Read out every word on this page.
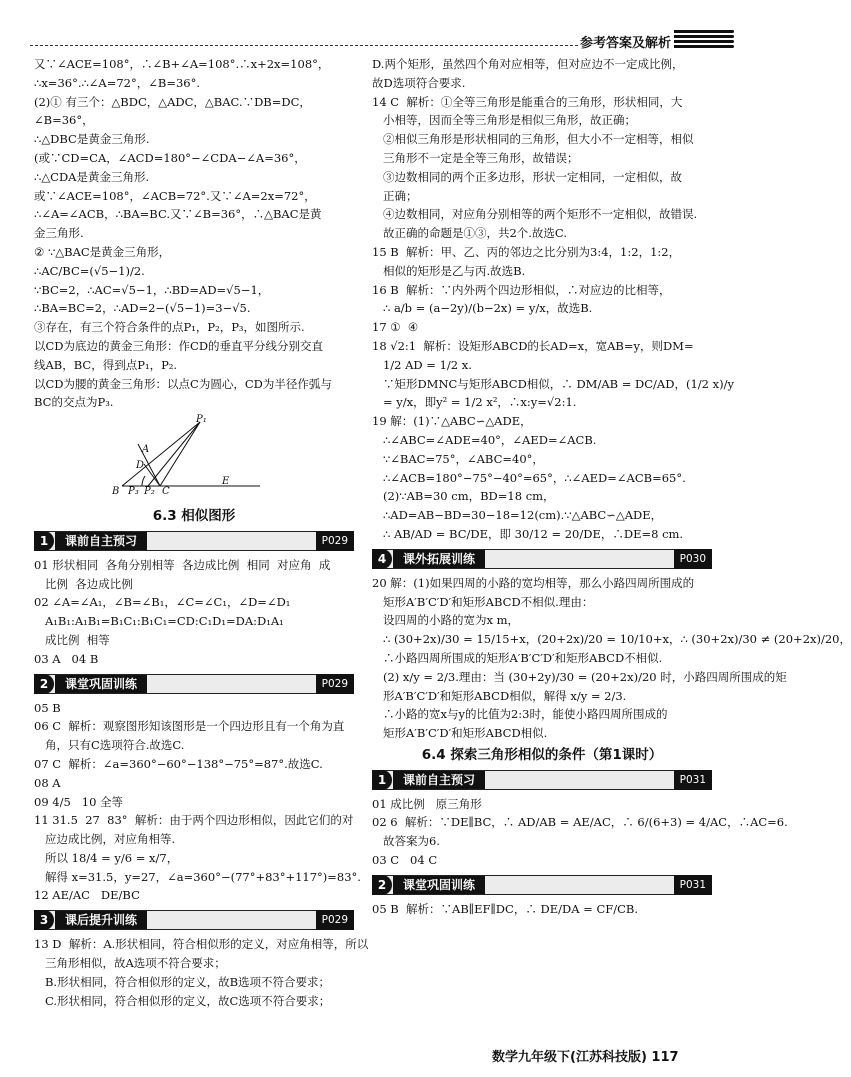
参考答案及解析

又∵∠ACE=108°，∴∠B+∠A=108°.∴x+2x=108°，

∴x=36°.∴∠A=72°，∠B=36°.

(2)① 有三个：△BDC，△ADC，△BAC.∵DB=DC，

∠B=36°，

∴△DBC是黄金三角形.

(或∵CD=CA，∠ACD=180°−∠CDA−∠A=36°，

∴△CDA是黄金三角形.

或∵∠ACE=108°，∠ACB=72°.又∵∠A=2x=72°，

∴∠A=∠ACB，∴BA=BC.又∵∠B=36°，∴△BAC是黄

金三角形.

② ∵△BAC是黄金三角形，

∴AC/BC=(√5−1)/2.

∵BC=2，∴AC=√5−1，∴BD=AD=√5−1，

∴BA=BC=2，∴AD=2−(√5−1)=3−√5.

③存在，有三个符合条件的点P₁，P₂，P₃，如图所示.

以CD为底边的黄金三角形：作CD的垂直平分线分别交直

线AB，BC，得到点P₁，P₂.

以CD为腰的黄金三角形：以点C为圆心，CD为半径作弧与

BC的交点为P₃.

P₁
A
D
B P₃ P₂ C
E
6.3 相似图形
1	课前自主预习	P029

01 形状相同  各角分别相等  各边成比例  相同  对应角  成

比例  各边成比例

02 ∠A=∠A₁，∠B=∠B₁，∠C=∠C₁，∠D=∠D₁

A₁B₁:A₁B₁=B₁C₁:B₁C₁=CD:C₁D₁=DA:D₁A₁

成比例  相等

03 A   04 B

2	课堂巩固训练	P029

05 B

06 C  解析：观察图形知该图形是一个四边形且有一个角为直

角，只有C选项符合.故选C.

07 C  解析：∠a=360°−60°−138°−75°=87°.故选C.

08 A

09 4/5   10 全等

11 31.5  27  83°  解析：由于两个四边形相似，因此它们的对

应边成比例，对应角相等.

所以 18/4 = y/6 = x/7，

解得 x=31.5，y=27，∠a=360°−(77°+83°+117°)=83°.

12 AE/AC   DE/BC

3	课后提升训练	P029

13 D  解析：A.形状相同，符合相似形的定义，对应角相等，所以

三角形相似，故A选项不符合要求；

B.形状相同，符合相似形的定义，故B选项不符合要求；

C.形状相同，符合相似形的定义，故C选项不符合要求；

D.两个矩形，虽然四个角对应相等，但对应边不一定成比例，

故D选项符合要求.

14 C  解析：①全等三角形是能重合的三角形，形状相同，大

小相等，因而全等三角形是相似三角形，故正确；

②相似三角形是形状相同的三角形，但大小不一定相等，相似

三角形不一定是全等三角形，故错误；

③边数相同的两个正多边形，形状一定相同，一定相似，故

正确；

④边数相同，对应角分别相等的两个矩形不一定相似，故错误.

故正确的命题是①③，共2个.故选C.

15 B  解析：甲、乙、丙的邻边之比分别为3:4，1:2，1:2，

相似的矩形是乙与丙.故选B.

16 B  解析：∵内外两个四边形相似，∴对应边的比相等，

∴ a/b = (a−2y)/(b−2x) = y/x，故选B.

17 ①  ④

18 √2:1  解析：设矩形ABCD的长AD=x，宽AB=y，则DM=

1/2 AD = 1/2 x.

∵矩形DMNC与矩形ABCD相似，∴ DM/AB = DC/AD，(1/2 x)/y

= y/x，即y² = 1/2 x²，∴x:y=√2:1.

19 解：(1)∵△ABC∽△ADE，

∴∠ABC=∠ADE=40°，∠AED=∠ACB.

∵∠BAC=75°，∠ABC=40°，

∴∠ACB=180°−75°−40°=65°，∴∠AED=∠ACB=65°.

(2)∵AB=30 cm，BD=18 cm，

∴AD=AB−BD=30−18=12(cm).∵△ABC∽△ADE，

∴ AB/AD = BC/DE，即 30/12 = 20/DE，∴DE=8 cm.

4	课外拓展训练	P030

20 解：(1)如果四周的小路的宽均相等，那么小路四周所围成的

矩形A′B′C′D′和矩形ABCD不相似.理由：

设四周的小路的宽为x m，

∴ (30+2x)/30 = 15/15+x，(20+2x)/20 = 10/10+x，∴ (30+2x)/30 ≠ (20+2x)/20，

∴小路四周所围成的矩形A′B′C′D′和矩形ABCD不相似.

(2) x/y = 2/3.理由：当 (30+2y)/30 = (20+2x)/20 时，小路四周所围成的矩

形A′B′C′D′和矩形ABCD相似，解得 x/y = 2/3.

∴小路的宽x与y的比值为2:3时，能使小路四周所围成的

矩形A′B′C′D′和矩形ABCD相似.

6.4 探索三角形相似的条件（第1课时）
1	课前自主预习	P031

01 成比例   原三角形

02 6  解析：∵DE∥BC，∴ AD/AB = AE/AC，∴ 6/(6+3) = 4/AC，∴AC=6.

故答案为6.

03 C   04 C

2	课堂巩固训练	P031

05 B  解析：∵AB∥EF∥DC，∴ DE/DA = CF/CB.

数学九年级下(江苏科技版) 117
